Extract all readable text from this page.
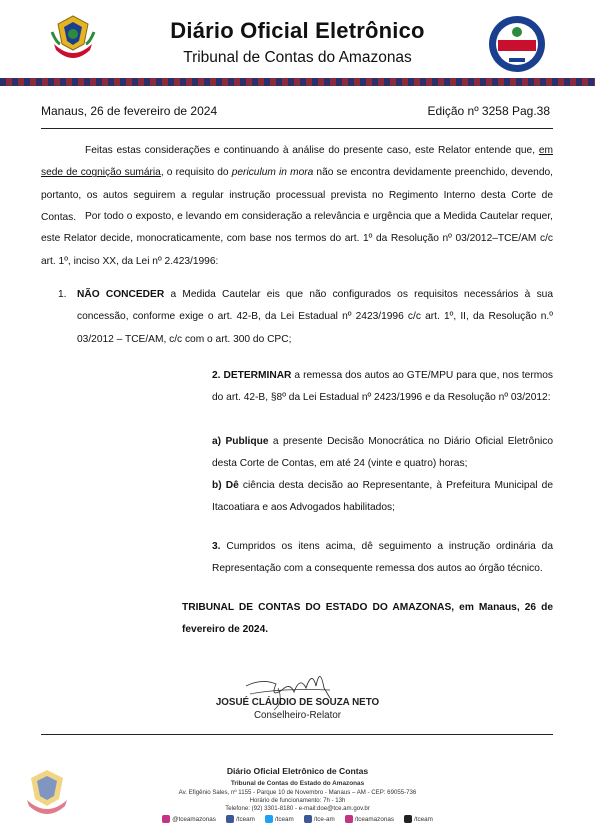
Diário Oficial Eletrônico
Tribunal de Contas do Amazonas
Manaus, 26 de fevereiro de 2024	Edição nº 3258 Pag.38
Feitas estas considerações e continuando à análise do presente caso, este Relator entende que, em sede de cognição sumária, o requisito do periculum in mora não se encontra devidamente preenchido, devendo, portanto, os autos seguirem a regular instrução processual prevista no Regimento Interno desta Corte de Contas. Por todo o exposto, e levando em consideração a relevância e urgência que a Medida Cautelar requer, este Relator decide, monocraticamente, com base nos termos do art. 1º da Resolução nº 03/2012–TCE/AM c/c art. 1º, inciso XX, da Lei nº 2.423/1996:
1.	NÃO CONCEDER a Medida Cautelar eis que não configurados os requisitos necessários à sua concessão, conforme exige o art. 42-B, da Lei Estadual nº 2423/1996 c/c art. 1º, II, da Resolução n.º 03/2012 – TCE/AM, c/c com o art. 300 do CPC;
2. DETERMINAR a remessa dos autos ao GTE/MPU para que, nos termos do art. 42-B, §8º da Lei Estadual nº 2423/1996 e da Resolução nº 03/2012:
a) Publique a presente Decisão Monocrática no Diário Oficial Eletrônico desta Corte de Contas, em até 24 (vinte e quatro) horas;
b) Dê ciência desta decisão ao Representante, à Prefeitura Municipal de Itacoatiara e aos Advogados habilitados;
3. Cumpridos os itens acima, dê seguimento a instrução ordinária da Representação com a consequente remessa dos autos ao órgão técnico.
TRIBUNAL DE CONTAS DO ESTADO DO AMAZONAS, em Manaus, 26 de fevereiro de 2024.
JOSUÉ CLÁUDIO DE SOUZA NETO
Conselheiro-Relator
Diário Oficial Eletrônico de Contas
Tribunal de Contas do Estado do Amazonas
Av. Efigênio Sales, nº 1155 - Parque 10 de Novembro - Manaus – AM - CEP: 69055-736
Horário de funcionamento: 7h - 13h
Telefone: (92) 3301-8180 - e-mail:doe@tce.am.gov.br
@tceamazonas	/tceam	/tceam	/tce-am	/tceamazonas	/tceam
